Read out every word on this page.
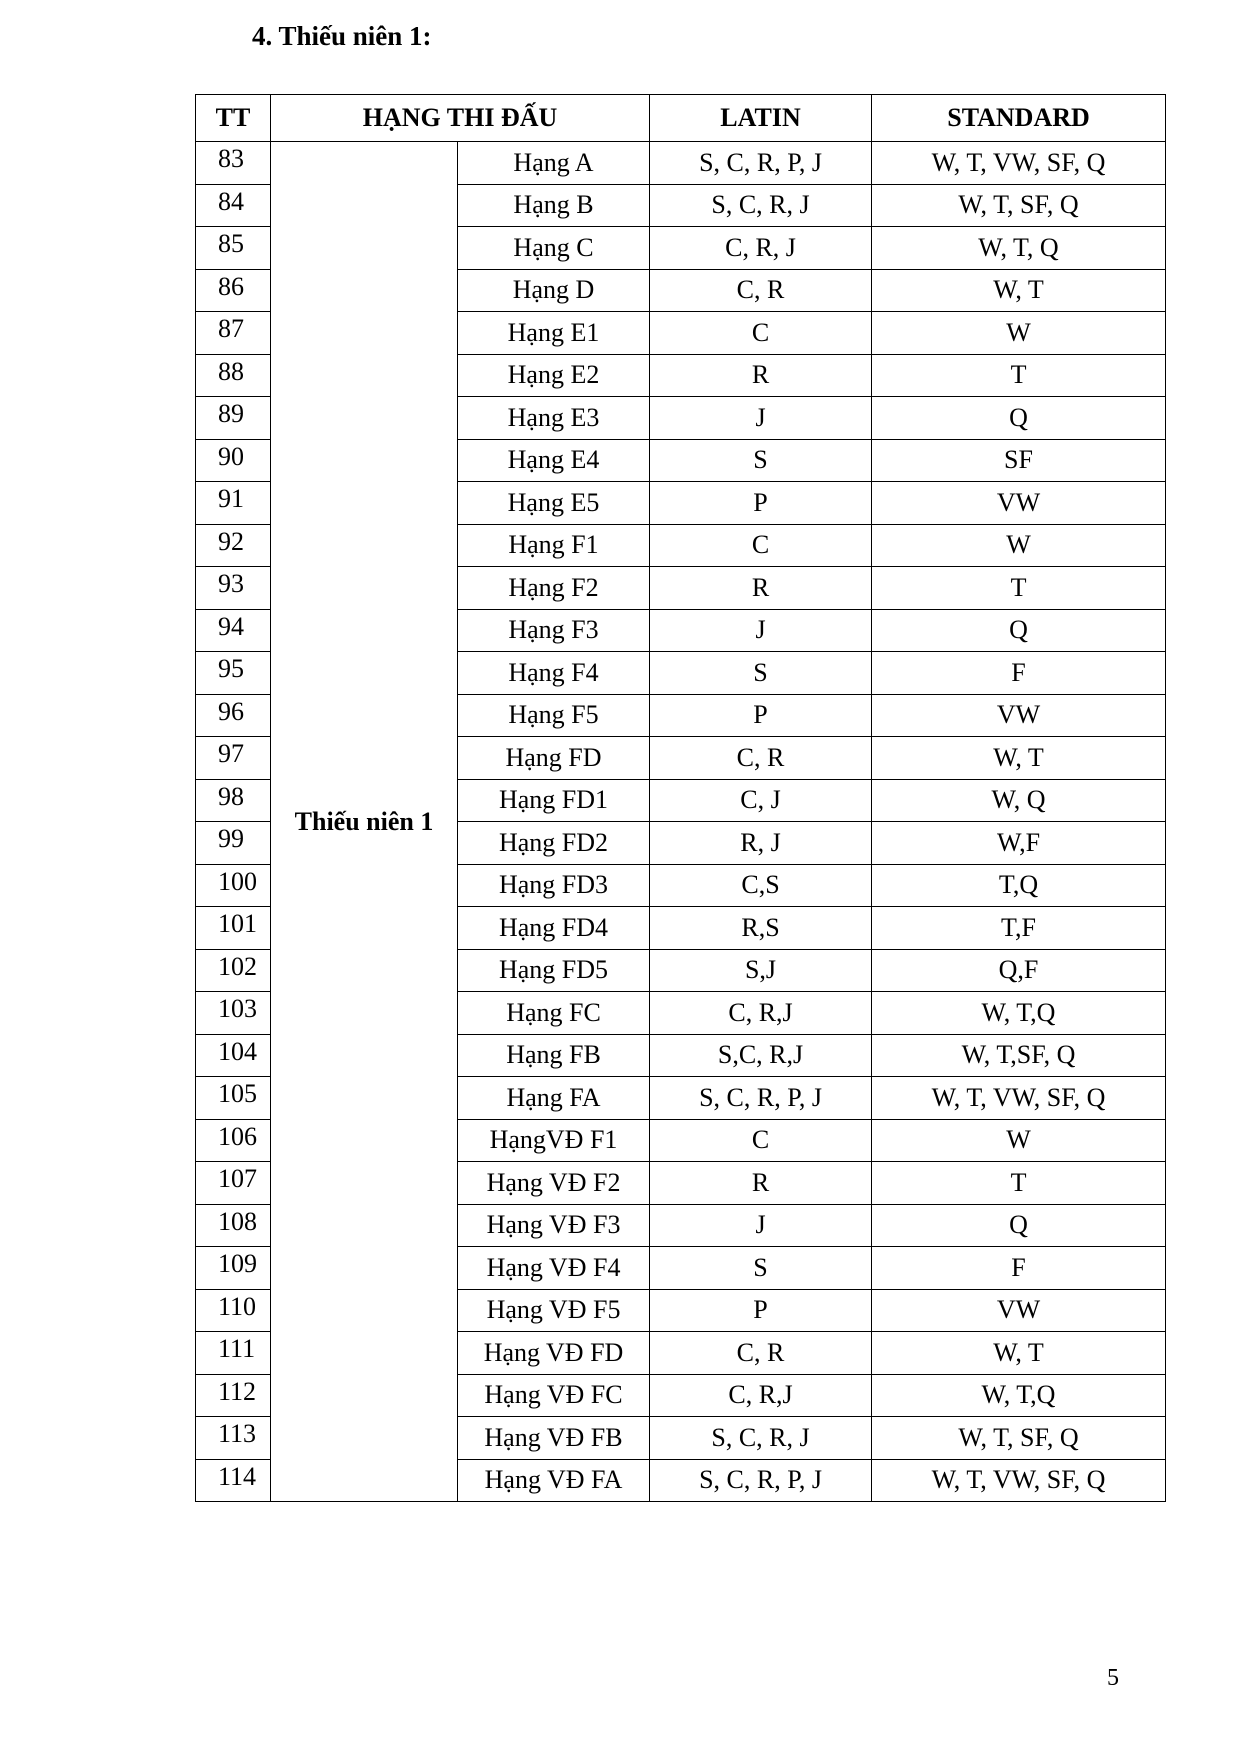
4. Thiếu niên 1:
TT	HẠNG THI ĐẤU		LATIN	STANDARD
83	Thiếu niên 1	Hạng A	S, C, R, P, J	W, T, VW, SF, Q
84		Hạng B	S, C, R, J	W, T, SF, Q
85		Hạng C	C, R, J	W, T, Q
86		Hạng D	C, R	W, T
87		Hạng E1	C	W
88		Hạng E2	R	T
89		Hạng E3	J	Q
90		Hạng E4	S	SF
91		Hạng E5	P	VW
92		Hạng F1	C	W
93		Hạng F2	R	T
94		Hạng F3	J	Q
95		Hạng F4	S	F
96		Hạng F5	P	VW
97		Hạng FD	C, R	W, T
98		Hạng FD1	C, J	W, Q
99		Hạng FD2	R, J	W,F
100		Hạng FD3	C,S	T,Q
101		Hạng FD4	R,S	T,F
102		Hạng FD5	S,J	Q,F
103		Hạng FC	C, R,J	W, T,Q
104		Hạng FB	S,C, R,J	W, T,SF, Q
105		Hạng FA	S, C, R, P, J	W, T, VW, SF, Q
106		HạngVĐ F1	C	W
107		Hạng VĐ F2	R	T
108		Hạng VĐ F3	J	Q
109		Hạng VĐ F4	S	F
110		Hạng VĐ F5	P	VW
111		Hạng VĐ FD	C, R	W, T
112		Hạng VĐ FC	C, R,J	W, T,Q
113		Hạng VĐ FB	S, C, R, J	W, T, SF, Q
114		Hạng VĐ FA	S, C, R, P, J	W, T, VW, SF, Q
5
